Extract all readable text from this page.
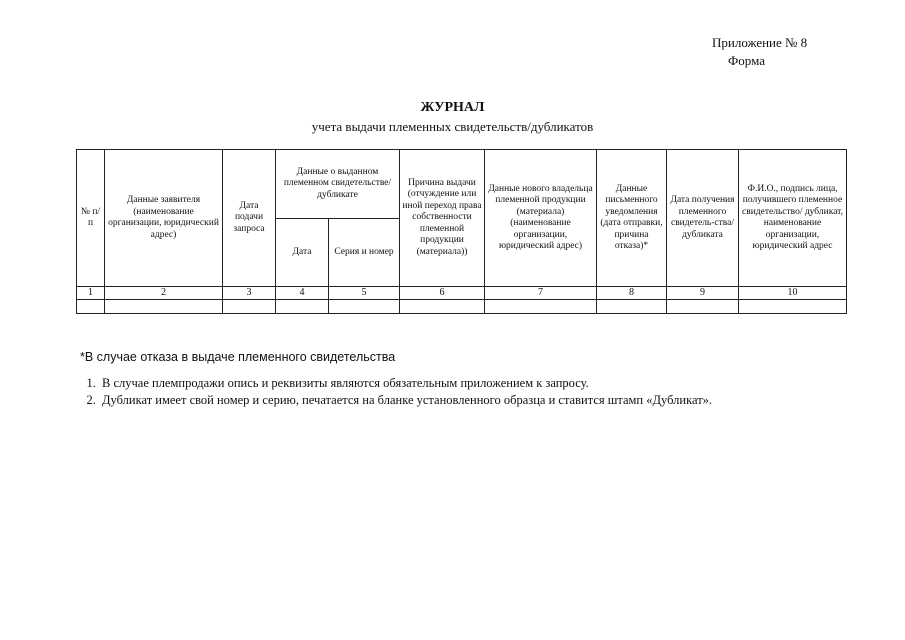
Приложение № 8
Форма
ЖУРНАЛ
учета выдачи племенных свидетельств/дубликатов
№ п/п	Данные заявителя (наименование организации, юридический адрес)	Дата подачи запроса	Данные о выданном племенном свидетельстве/ дубликате		Причина выдачи (отчуждение или иной переход права собственности племенной продукции (материала))	Данные нового владельца племенной продукции (материала) (наименование организации, юридический адрес)	Данные письменного уведомления (дата отправки, причина отказа)*	Дата получения племенного свидетель-ства/ дубликата	Ф.И.О., подпись лица, получившего племенное свидетельство/ дубликат, наименование организации, юридический адрес
			Дата	Серия и номер					
1	2	3	4	5	6	7	8	9	10

*В случае отказа в выдаче племенного свидетельства
1. В случае племпродажи опись и реквизиты являются обязательным приложением к запросу.
2. Дубликат имеет свой номер и серию, печатается на бланке установленного образца и ставится штамп «Дубликат».
